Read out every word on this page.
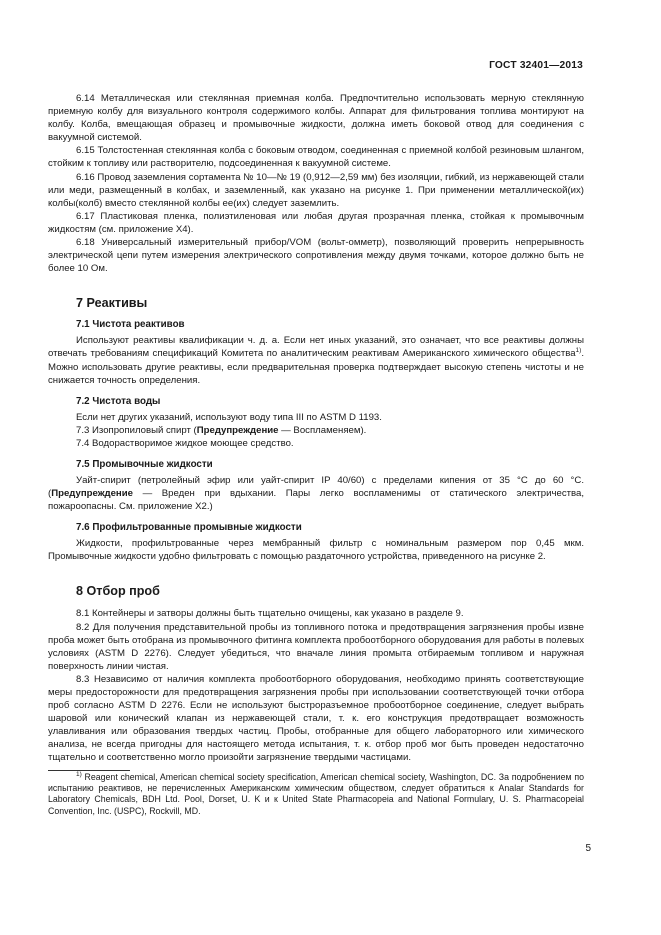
ГОСТ 32401—2013

6.14 Металлическая или стеклянная приемная колба. Предпочтительно использовать мерную стеклянную приемную колбу для визуального контроля содержимого колбы. Аппарат для фильтрования топлива монтируют на колбу. Колба, вмещающая образец и промывочные жидкости, должна иметь боковой отвод для соединения с вакуумной системой.

6.15 Толстостенная стеклянная колба с боковым отводом, соединенная с приемной колбой резиновым шлангом, стойким к топливу или растворителю, подсоединенная к вакуумной системе.

6.16 Провод заземления сортамента № 10—№ 19 (0,912—2,59 мм) без изоляции, гибкий, из нержавеющей стали или меди, размещенный в колбах, и заземленный, как указано на рисунке 1. При применении металлической(их) колбы(колб) вместо стеклянной колбы ее(их) следует заземлить.

6.17 Пластиковая пленка, полиэтиленовая или любая другая прозрачная пленка, стойкая к промывочным жидкостям (см. приложение Х4).

6.18 Универсальный измерительный прибор/VOM (вольт-омметр), позволяющий проверить непрерывность электрической цепи путем измерения электрического сопротивления между двумя точками, которое должно быть не более 10 Ом.

7 Реактивы
7.1 Чистота реактивов

Используют реактивы квалификации ч. д. а. Если нет иных указаний, это означает, что все реактивы должны отвечать требованиям спецификаций Комитета по аналитическим реактивам Американского химического общества$^{1)}$. Можно использовать другие реактивы, если предварительная проверка подтверждает высокую степень чистоты и не снижается точность определения.

7.2 Чистота воды

Если нет других указаний, используют воду типа III по ASTM D 1193.

7.3 Изопропиловый спирт (Предупреждение — Воспламеняем).

7.4 Водорастворимое жидкое моющее средство.

7.5 Промывочные жидкости

Уайт-спирит (петролейный эфир или уайт-спирит IP 40/60) с пределами кипения от 35 °С до 60 °С. (Предупреждение — Вреден при вдыхании. Пары легко воспламенимы от статического электричества, пожароопасны. См. приложение Х2.)

7.6 Профильтрованные промывные жидкости

Жидкости, профильтрованные через мембранный фильтр с номинальным размером пор 0,45 мкм. Промывочные жидкости удобно фильтровать с помощью раздаточного устройства, приведенного на рисунке 2.

8 Отбор проб

8.1 Контейнеры и затворы должны быть тщательно очищены, как указано в разделе 9.

8.2 Для получения представительной пробы из топливного потока и предотвращения загрязнения пробы извне проба может быть отобрана из промывочного фитинга комплекта пробоотборного оборудования для работы в полевых условиях (ASTM D 2276). Следует убедиться, что вначале линия промыта отбираемым топливом и наружная поверхность линии чистая.

8.3 Независимо от наличия комплекта пробоотборного оборудования, необходимо принять соответствующие меры предосторожности для предотвращения загрязнения пробы при использовании соответствующей точки отбора проб согласно ASTM D 2276. Если не используют быстроразъемное пробоотборное соединение, следует выбрать шаровой или конический клапан из нержавеющей стали, т. к. его конструкция предотвращает возможность улавливания или образования твердых частиц. Пробы, отобранные для общего лабораторного или химического анализа, не всегда пригодны для настоящего метода испытания, т. к. отбор проб мог быть проведен недостаточно тщательно и соответственно могло произойти загрязнение твердыми частицами.

$^{1)}$ Reagent chemical, American chemical society specification, American chemical society, Washington, DC. За подробнением по испытанию реактивов, не перечисленных Американским химическим обществом, следует обратиться к Analar Standards for Laboratory Chemicals, BDH Ltd. Pool, Dorset, U. K и к United State Pharmacopeia and National Formulary, U. S. Pharmacopeial Convention, Inc. (USPC), Rockvill, MD.

5
